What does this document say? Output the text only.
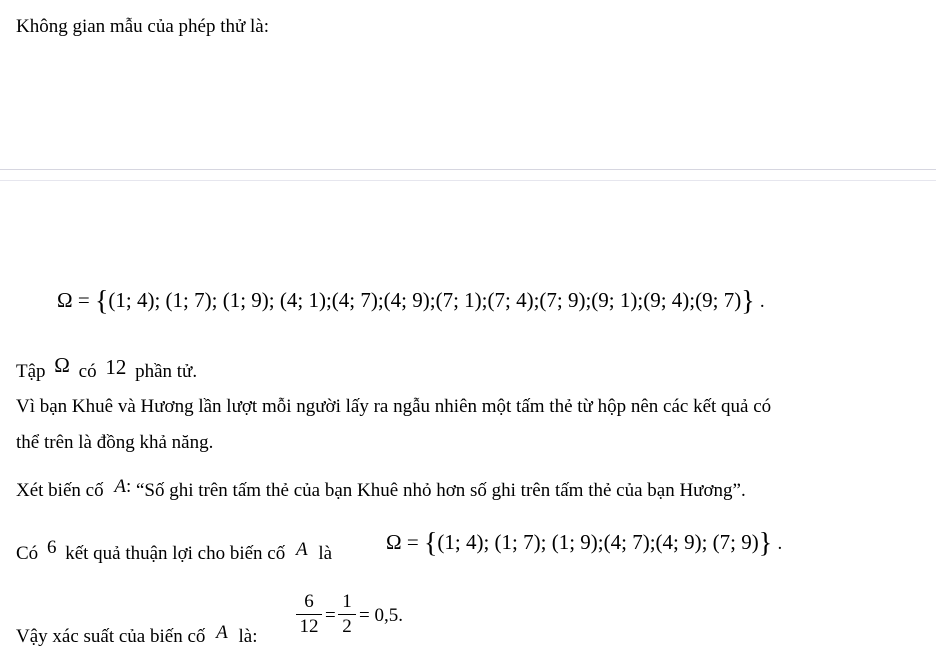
Không gian mẫu của phép thử là:
Ω = {(1; 4); (1; 7); (1; 9); (4; 1);(4; 7);(4; 9);(7; 1);(7; 4);(7; 9);(9; 1);(9; 4);(9; 7)} .
Tập Ω có 12 phần tử.
Vì bạn Khuê và Hương lần lượt mỗi người lấy ra ngẫu nhiên một tấm thẻ từ hộp nên các kết quả có
thể trên là đồng khả năng.
Xét biến cố A: “Số ghi trên tấm thẻ của bạn Khuê nhỏ hơn số ghi trên tấm thẻ của bạn Hương”.
Có 6 kết quả thuận lợi cho biến cố A là	Ω = {(1; 4); (1; 7); (1; 9);(4; 7);(4; 9); (7; 9)} .
Vậy xác suất của biến cố A là:
6
12
=
1
2
= 0,5.
